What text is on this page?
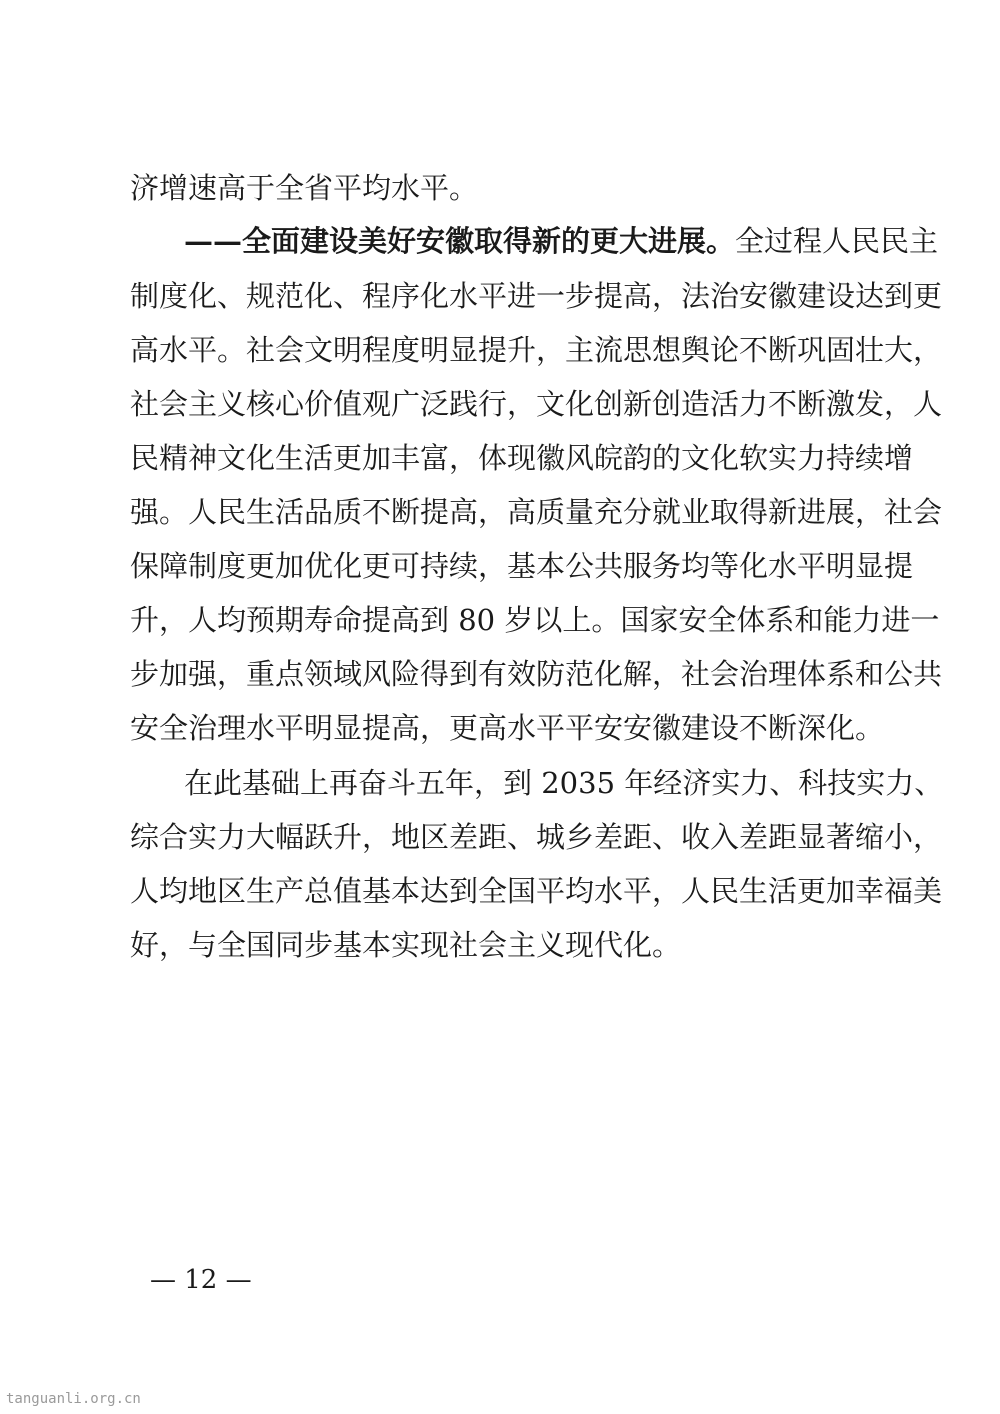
济增速高于全省平均水平。
——全面建设美好安徽取得新的更大进展。全过程人民民主
制度化、规范化、程序化水平进一步提高，法治安徽建设达到更
高水平。社会文明程度明显提升，主流思想舆论不断巩固壮大，
社会主义核心价值观广泛践行，文化创新创造活力不断激发，人
民精神文化生活更加丰富，体现徽风皖韵的文化软实力持续增
强。人民生活品质不断提高，高质量充分就业取得新进展，社会
保障制度更加优化更可持续，基本公共服务均等化水平明显提
升，人均预期寿命提高到 80 岁以上。国家安全体系和能力进一
步加强，重点领域风险得到有效防范化解，社会治理体系和公共
安全治理水平明显提高，更高水平平安安徽建设不断深化。
在此基础上再奋斗五年，到 2035 年经济实力、科技实力、
综合实力大幅跃升，地区差距、城乡差距、收入差距显著缩小，
人均地区生产总值基本达到全国平均水平，人民生活更加幸福美
好，与全国同步基本实现社会主义现代化。
— 12 —
tanguanli.org.cn
